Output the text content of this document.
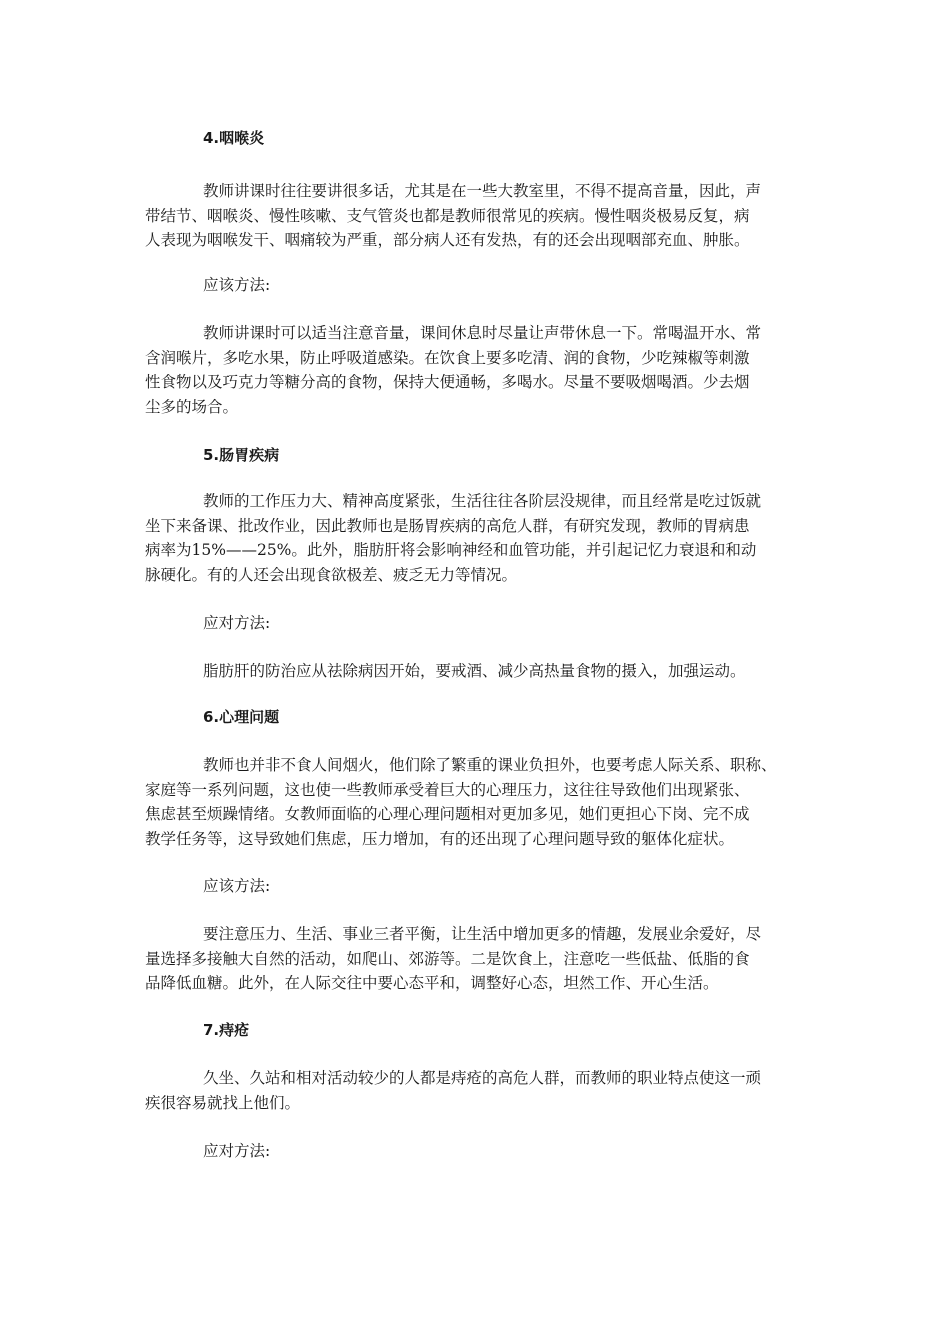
4.咽喉炎
教师讲课时往往要讲很多话，尤其是在一些大教室里，不得不提高音量，因此，声
带结节、咽喉炎、慢性咳嗽、支气管炎也都是教师很常见的疾病。慢性咽炎极易反复，病
人表现为咽喉发干、咽痛较为严重，部分病人还有发热，有的还会出现咽部充血、肿胀。
应该方法:
教师讲课时可以适当注意音量，课间休息时尽量让声带休息一下。常喝温开水、常
含润喉片，多吃水果，防止呼吸道感染。在饮食上要多吃清、润的食物，少吃辣椒等刺激
性食物以及巧克力等糖分高的食物，保持大便通畅，多喝水。尽量不要吸烟喝酒。少去烟
尘多的场合。
5.肠胃疾病
教师的工作压力大、精神高度紧张，生活往往各阶层没规律，而且经常是吃过饭就
坐下来备课、批改作业，因此教师也是肠胃疾病的高危人群，有研究发现，教师的胃病患
病率为15%——25%。此外，脂肪肝将会影响神经和血管功能，并引起记忆力衰退和和动
脉硬化。有的人还会出现食欲极差、疲乏无力等情况。
应对方法:
脂肪肝的防治应从祛除病因开始，要戒酒、减少高热量食物的摄入，加强运动。
6.心理问题
教师也并非不食人间烟火，他们除了繁重的课业负担外，也要考虑人际关系、职称、
家庭等一系列问题，这也使一些教师承受着巨大的心理压力，这往往导致他们出现紧张、
焦虑甚至烦躁情绪。女教师面临的心理心理问题相对更加多见，她们更担心下岗、完不成
教学任务等，这导致她们焦虑，压力增加，有的还出现了心理问题导致的躯体化症状。
应该方法:
要注意压力、生活、事业三者平衡，让生活中增加更多的情趣，发展业余爱好，尽
量选择多接触大自然的活动，如爬山、郊游等。二是饮食上，注意吃一些低盐、低脂的食
品降低血糖。此外，在人际交往中要心态平和，调整好心态，坦然工作、开心生活。
7.痔疮
久坐、久站和相对活动较少的人都是痔疮的高危人群，而教师的职业特点使这一顽
疾很容易就找上他们。
应对方法:
